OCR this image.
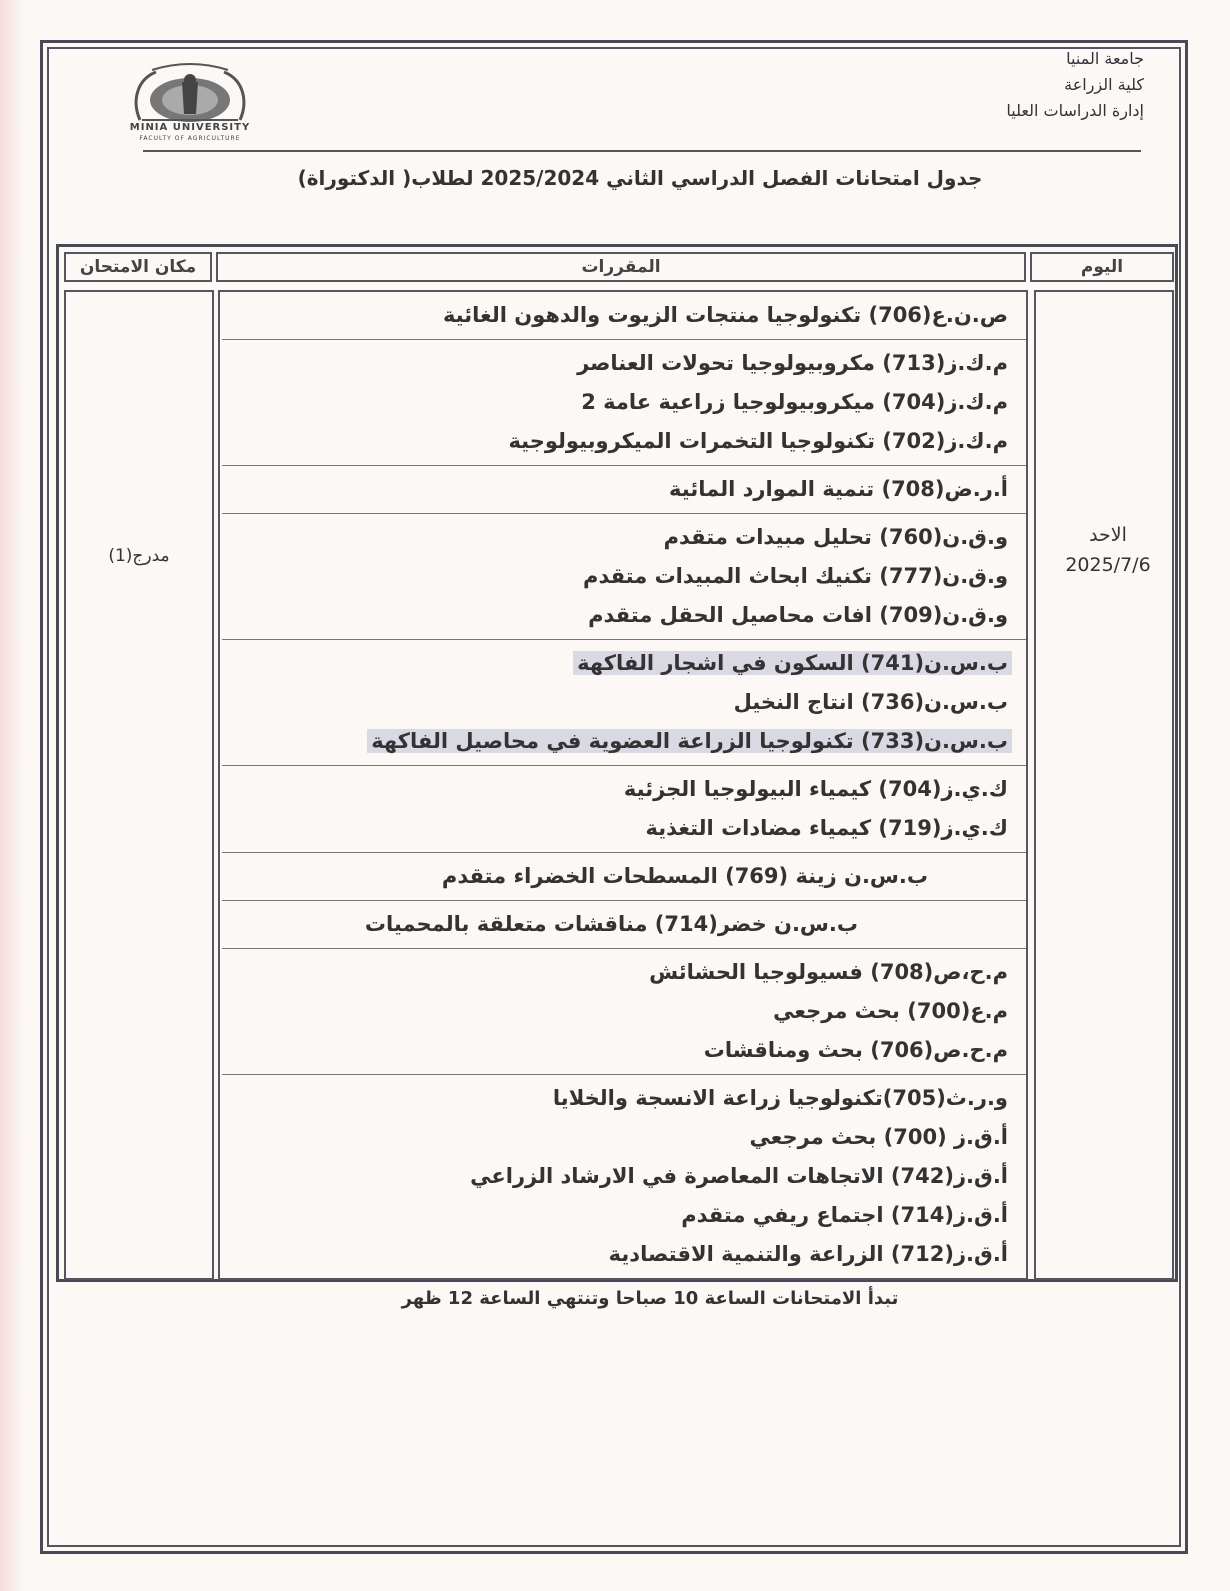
جامعة المنيا
كلية الزراعة
إدارة الدراسات العليا
MINIA UNIVERSITY
FACULTY OF AGRICULTURE
جدول امتحانات الفصل الدراسي الثاني 2025/2024 لطلاب( الدكتوراة)
اليوم
المقررات
مكان الامتحان
الاحد
2025/7/6
مدرج(1)
ص.ن.ع(706) تكنولوجيا منتجات الزيوت والدهون الغائية
م.ك.ز(713) مكروبيولوجيا تحولات العناصر
م.ك.ز(704) ميكروبيولوجيا زراعية عامة 2
م.ك.ز(702) تكنولوجيا التخمرات الميكروبيولوجية
أ.ر.ض(708) تنمية الموارد المائية
و.ق.ن(760) تحليل مبيدات متقدم
و.ق.ن(777) تكنيك ابحاث المبيدات متقدم
و.ق.ن(709) افات محاصيل الحقل متقدم
ب.س.ن(741) السكون في اشجار الفاكهة
ب.س.ن(736) انتاج النخيل
ب.س.ن(733) تكنولوجيا الزراعة العضوية في محاصيل الفاكهة
ك.ي.ز(704) كيمياء البيولوجيا الجزئية
ك.ي.ز(719) كيمياء مضادات التغذية
ب.س.ن زينة (769) المسطحات الخضراء متقدم
ب.س.ن خضر(714) مناقشات متعلقة بالمحميات
م.ح،ص(708) فسيولوجيا الحشائش
م.ع(700) بحث مرجعي
م.ح.ص(706) بحث ومناقشات
و.ر.ث(705)تكنولوجيا زراعة الانسجة والخلايا
أ.ق.ز (700) بحث مرجعي
أ.ق.ز(742) الاتجاهات المعاصرة في الارشاد الزراعي
أ.ق.ز(714) اجتماع ريفي متقدم
أ.ق.ز(712) الزراعة والتنمية الاقتصادية
تبدأ الامتحانات الساعة 10 صباحا وتنتهي الساعة 12 ظهر
